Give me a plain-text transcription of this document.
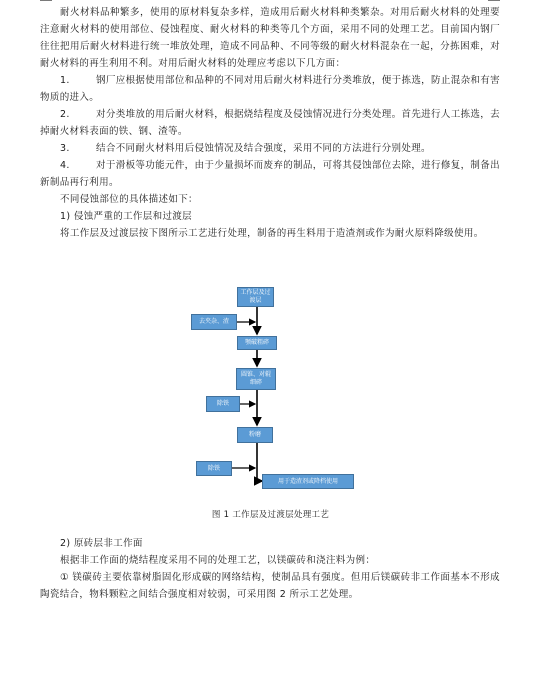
耐火材料品种繁多，使用的原材料复杂多样，造成用后耐火材料种类繁杂。对用后耐火材料的处理要注意耐火材料的使用部位、侵蚀程度、耐火材料的种类等几个方面，采用不同的处理工艺。目前国内钢厂往往把用后耐火材料进行统一堆放处理，造成不同品种、不同等级的耐火材料混杂在一起，分拣困难，对耐火材料的再生利用不利。对用后耐火材料的处理应考虑以下几方面：

1.	钢厂应根据使用部位和品种的不同对用后耐火材料进行分类堆放，便于拣选，防止混杂和有害物质的进入。

2.	对分类堆放的用后耐火材料，根据烧结程度及侵蚀情况进行分类处理。首先进行人工拣选，去掉耐火材料表面的铁、钢、渣等。

3.	结合不同耐火材料用后侵蚀情况及结合强度，采用不同的方法进行分别处理。

4.	对于滑板等功能元件，由于少量损坏而废弃的制品，可将其侵蚀部位去除，进行修复，制备出新制品再行利用。

不同侵蚀部位的具体描述如下：

1) 侵蚀严重的工作层和过渡层

将工作层及过渡层按下图所示工艺进行处理，制备的再生料用于造渣剂或作为耐火原料降级使用。

工作层及过渡层
去夹杂、渣
颚破粗碎
圆锥、对辊细碎
除铁
粉磨
除铁
用于造渣剂或降档使用
图 1 工作层及过渡层处理工艺

2) 原砖层非工作面

根据非工作面的烧结程度采用不同的处理工艺，以镁碳砖和浇注料为例：

① 镁碳砖主要依靠树脂固化形成碳的网络结构，使制品具有强度。但用后镁碳砖非工作面基本不形成陶瓷结合，物料颗粒之间结合强度相对较弱，可采用图 2 所示工艺处理。
